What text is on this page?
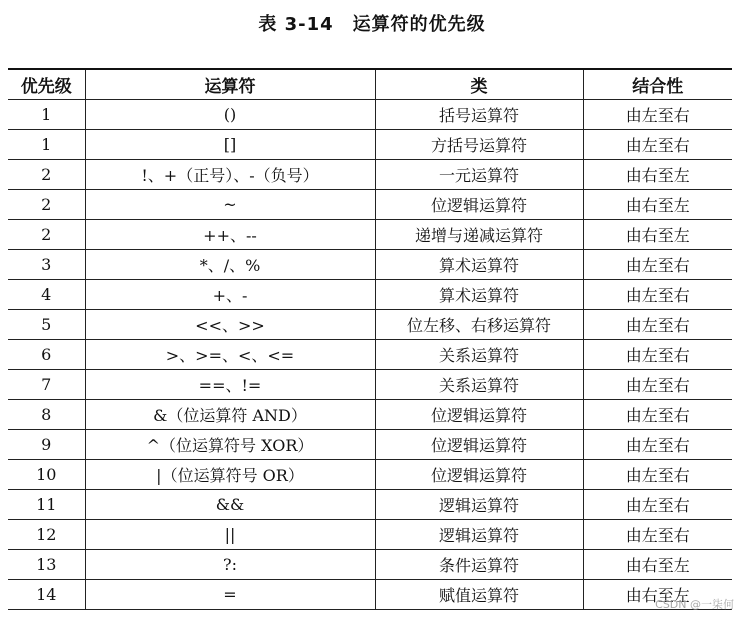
表 3-14　运算符的优先级
优先级	运算符	类	结合性
1	()	括号运算符	由左至右
1	[]	方括号运算符	由左至右
2	!、+（正号）、-（负号）	一元运算符	由右至左
2	~	位逻辑运算符	由右至左
2	++、--	递增与递减运算符	由右至左
3	*、/、%	算术运算符	由左至右
4	+、-	算术运算符	由左至右
5	<<、>>	位左移、右移运算符	由左至右
6	>、>=、<、<=	关系运算符	由左至右
7	==、!=	关系运算符	由左至右
8	&（位运算符 AND）	位逻辑运算符	由左至右
9	^（位运算符号 XOR）	位逻辑运算符	由左至右
10	|（位运算符号 OR）	位逻辑运算符	由左至右
11	&&	逻辑运算符	由左至右
12	||	逻辑运算符	由左至右
13	?:	条件运算符	由右至左
14	=	赋值运算符	由右至左
CSDN @一柒何
